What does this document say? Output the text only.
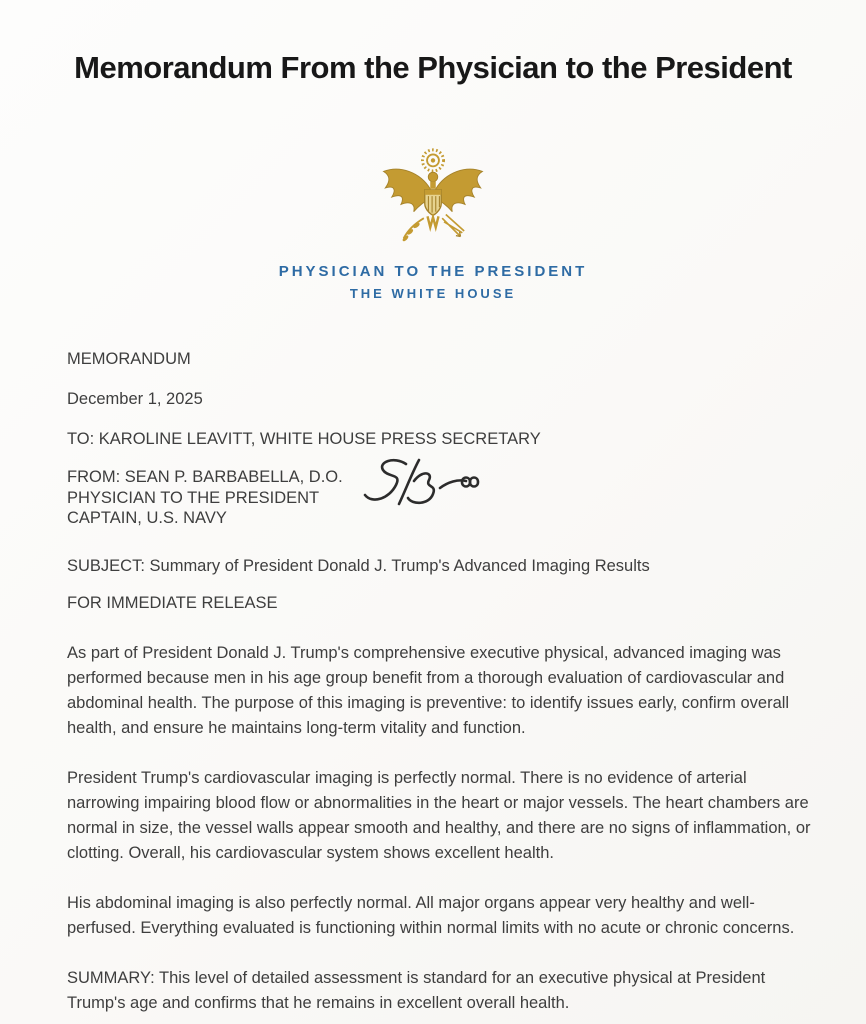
Memorandum From the Physician to the President
PHYSICIAN TO THE PRESIDENT
THE WHITE HOUSE

MEMORANDUM

December 1, 2025

TO: KAROLINE LEAVITT, WHITE HOUSE PRESS SECRETARY

FROM: SEAN P. BARBABELLA, D.O.

PHYSICIAN TO THE PRESIDENT

CAPTAIN, U.S. NAVY

SUBJECT: Summary of President Donald J. Trump's Advanced Imaging Results

FOR IMMEDIATE RELEASE

As part of President Donald J. Trump's comprehensive executive physical, advanced imaging was performed because men in his age group benefit from a thorough evaluation of cardiovascular and abdominal health. The purpose of this imaging is preventive: to identify issues early, confirm overall health, and ensure he maintains long-term vitality and function.

President Trump's cardiovascular imaging is perfectly normal. There is no evidence of arterial narrowing impairing blood flow or abnormalities in the heart or major vessels. The heart chambers are normal in size, the vessel walls appear smooth and healthy, and there are no signs of inflammation, or clotting. Overall, his cardiovascular system shows excellent health.

His abdominal imaging is also perfectly normal. All major organs appear very healthy and well-perfused. Everything evaluated is functioning within normal limits with no acute or chronic concerns.

SUMMARY: This level of detailed assessment is standard for an executive physical at President Trump's age and confirms that he remains in excellent overall health.
